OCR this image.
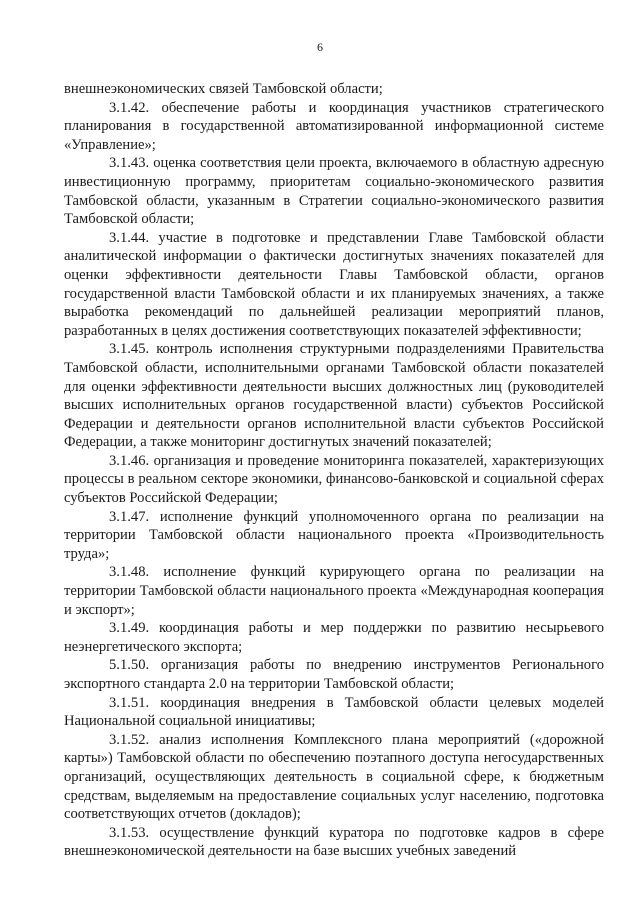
6

внешнеэкономических связей Тамбовской области;

3.1.42. обеспечение работы и координация участников стратегического планирования в государственной автоматизированной информационной системе «Управление»;

3.1.43. оценка соответствия цели проекта, включаемого в областную адресную инвестиционную программу, приоритетам социально-экономического развития Тамбовской области, указанным в Стратегии социально-экономического развития Тамбовской области;

3.1.44. участие в подготовке и представлении Главе Тамбовской области аналитической информации о фактически достигнутых значениях показателей для оценки эффективности деятельности Главы Тамбовской области, органов государственной власти Тамбовской области и их планируемых значениях, а также выработка рекомендаций по дальнейшей реализации мероприятий планов, разработанных в целях достижения соответствующих показателей эффективности;

3.1.45. контроль исполнения структурными подразделениями Правительства Тамбовской области, исполнительными органами Тамбовской области показателей для оценки эффективности деятельности высших должностных лиц (руководителей высших исполнительных органов государственной власти) субъектов Российской Федерации и деятельности органов исполнительной власти субъектов Российской Федерации, а также мониторинг достигнутых значений показателей;

3.1.46. организация и проведение мониторинга показателей, характеризующих процессы в реальном секторе экономики, финансово-банковской и социальной сферах субъектов Российской Федерации;

3.1.47. исполнение функций уполномоченного органа по реализации на территории Тамбовской области национального проекта «Производительность труда»;

3.1.48. исполнение функций курирующего органа по реализации на территории Тамбовской области национального проекта «Международная кооперация и экспорт»;

3.1.49. координация работы и мер поддержки по развитию несырьевого неэнергетического экспорта;

5.1.50. организация работы по внедрению инструментов Регионального экспортного стандарта 2.0 на территории Тамбовской области;

3.1.51. координация внедрения в Тамбовской области целевых моделей Национальной социальной инициативы;

3.1.52. анализ исполнения Комплексного плана мероприятий («дорожной карты») Тамбовской области по обеспечению поэтапного доступа негосударственных организаций, осуществляющих деятельность в социальной сфере, к бюджетным средствам, выделяемым на предоставление социальных услуг населению, подготовка соответствующих отчетов (докладов);

3.1.53. осуществление функций куратора по подготовке кадров в сфере внешнеэкономической деятельности на базе высших учебных заведений
